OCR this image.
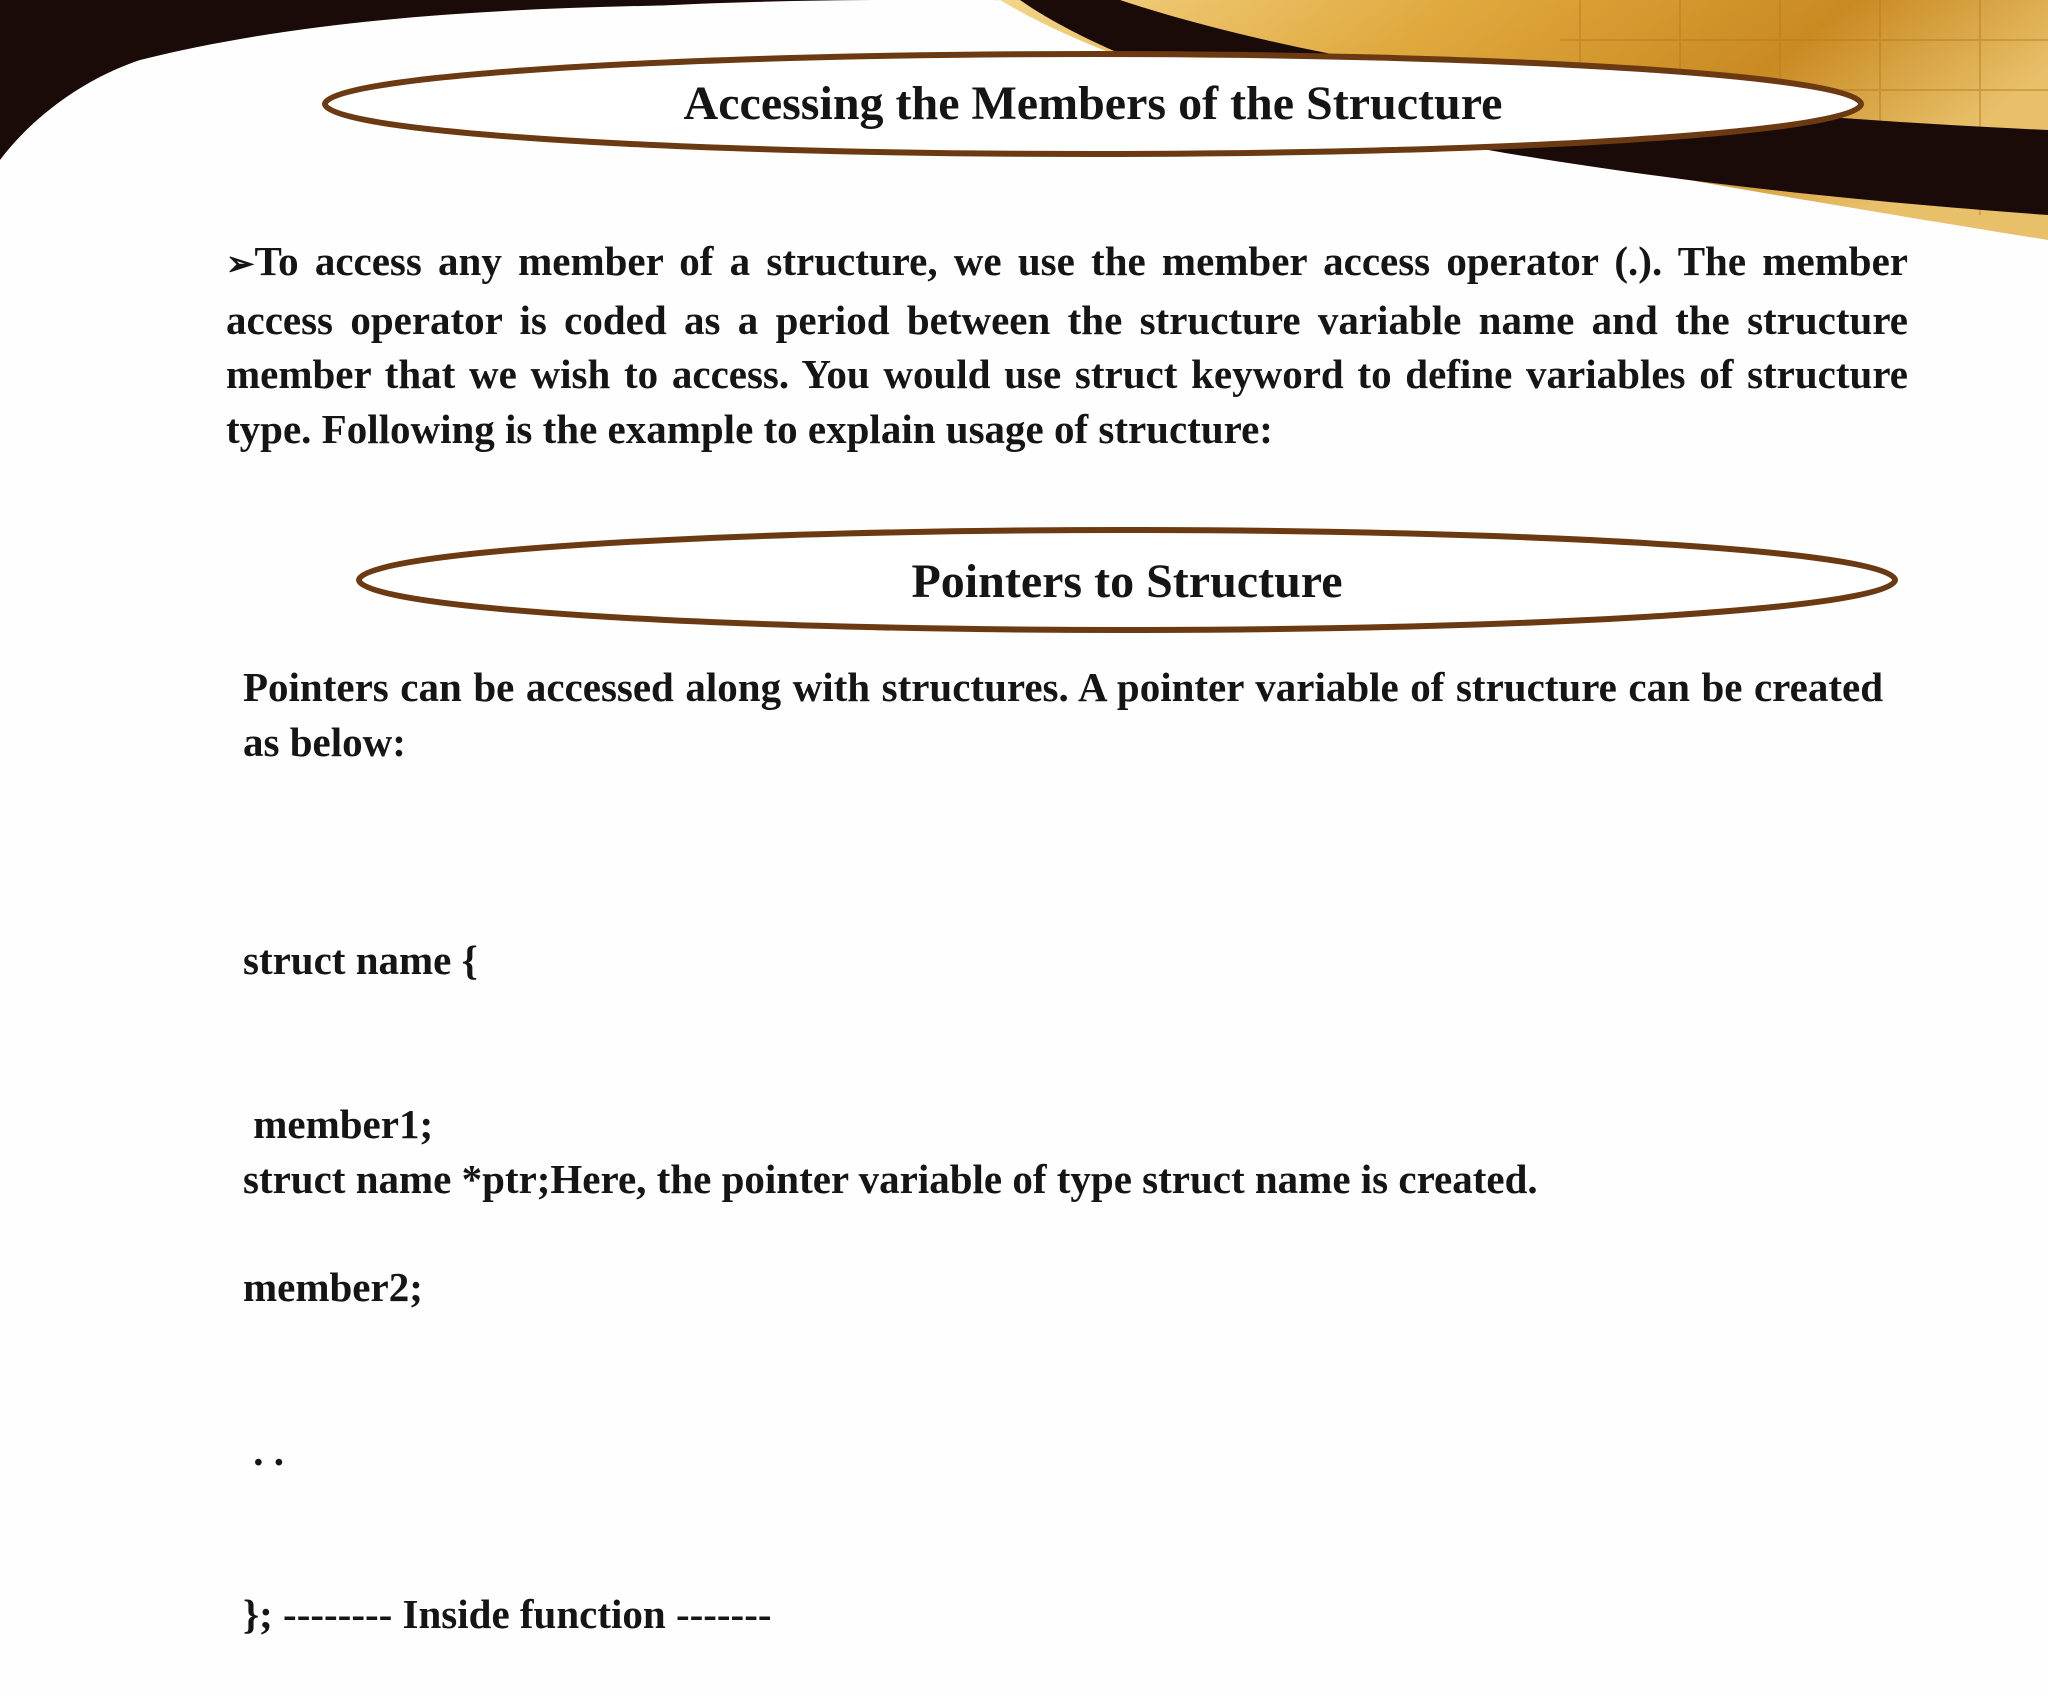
Accessing the Members of the Structure
➢To access any member of a structure, we use the member access operator (.). The member access operator is coded as a period between the structure variable name and the structure member that we wish to access. You would use struct keyword to define variables of structure type. Following is the example to explain usage of structure:
Pointers to Structure
Pointers can be accessed along with structures. A pointer variable of structure can be created as below:

struct name {

member1;

member2;

. .

}; -------- Inside function -------

struct name *ptr;Here, the pointer variable of type struct name is created.
